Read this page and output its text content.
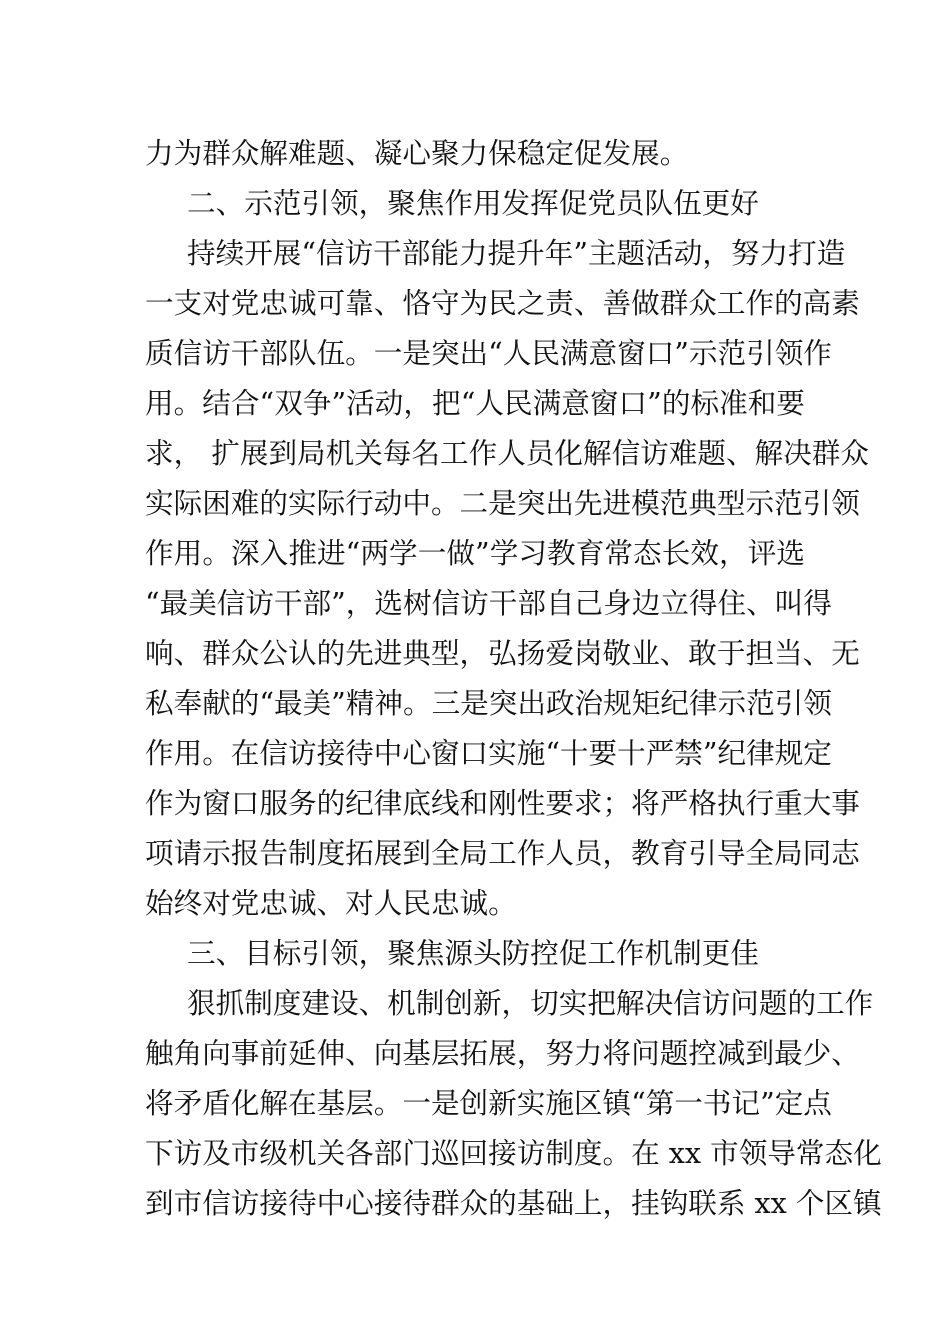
力为群众解难题、凝心聚力保稳定促发展。
二、示范引领，聚焦作用发挥促党员队伍更好
持续开展“信访干部能力提升年”主题活动，努力打造
一支对党忠诚可靠、恪守为民之责、善做群众工作的高素
质信访干部队伍。一是突出“人民满意窗口”示范引领作
用。结合“双争”活动，把“人民满意窗口”的标准和要
求， 扩展到局机关每名工作人员化解信访难题、解决群众
实际困难的实际行动中。二是突出先进模范典型示范引领
作用。深入推进“两学一做”学习教育常态长效，评选
“最美信访干部”，选树信访干部自己身边立得住、叫得
响、群众公认的先进典型，弘扬爱岗敬业、敢于担当、无
私奉献的“最美”精神。三是突出政治规矩纪律示范引领
作用。在信访接待中心窗口实施“十要十严禁”纪律规定
作为窗口服务的纪律底线和刚性要求；将严格执行重大事
项请示报告制度拓展到全局工作人员，教育引导全局同志
始终对党忠诚、对人民忠诚。
三、目标引领，聚焦源头防控促工作机制更佳
狠抓制度建设、机制创新，切实把解决信访问题的工作
触角向事前延伸、向基层拓展，努力将问题控减到最少、
将矛盾化解在基层。一是创新实施区镇“第一书记”定点
下访及市级机关各部门巡回接访制度。在 xx 市领导常态化
到市信访接待中心接待群众的基础上，挂钩联系 xx 个区镇
